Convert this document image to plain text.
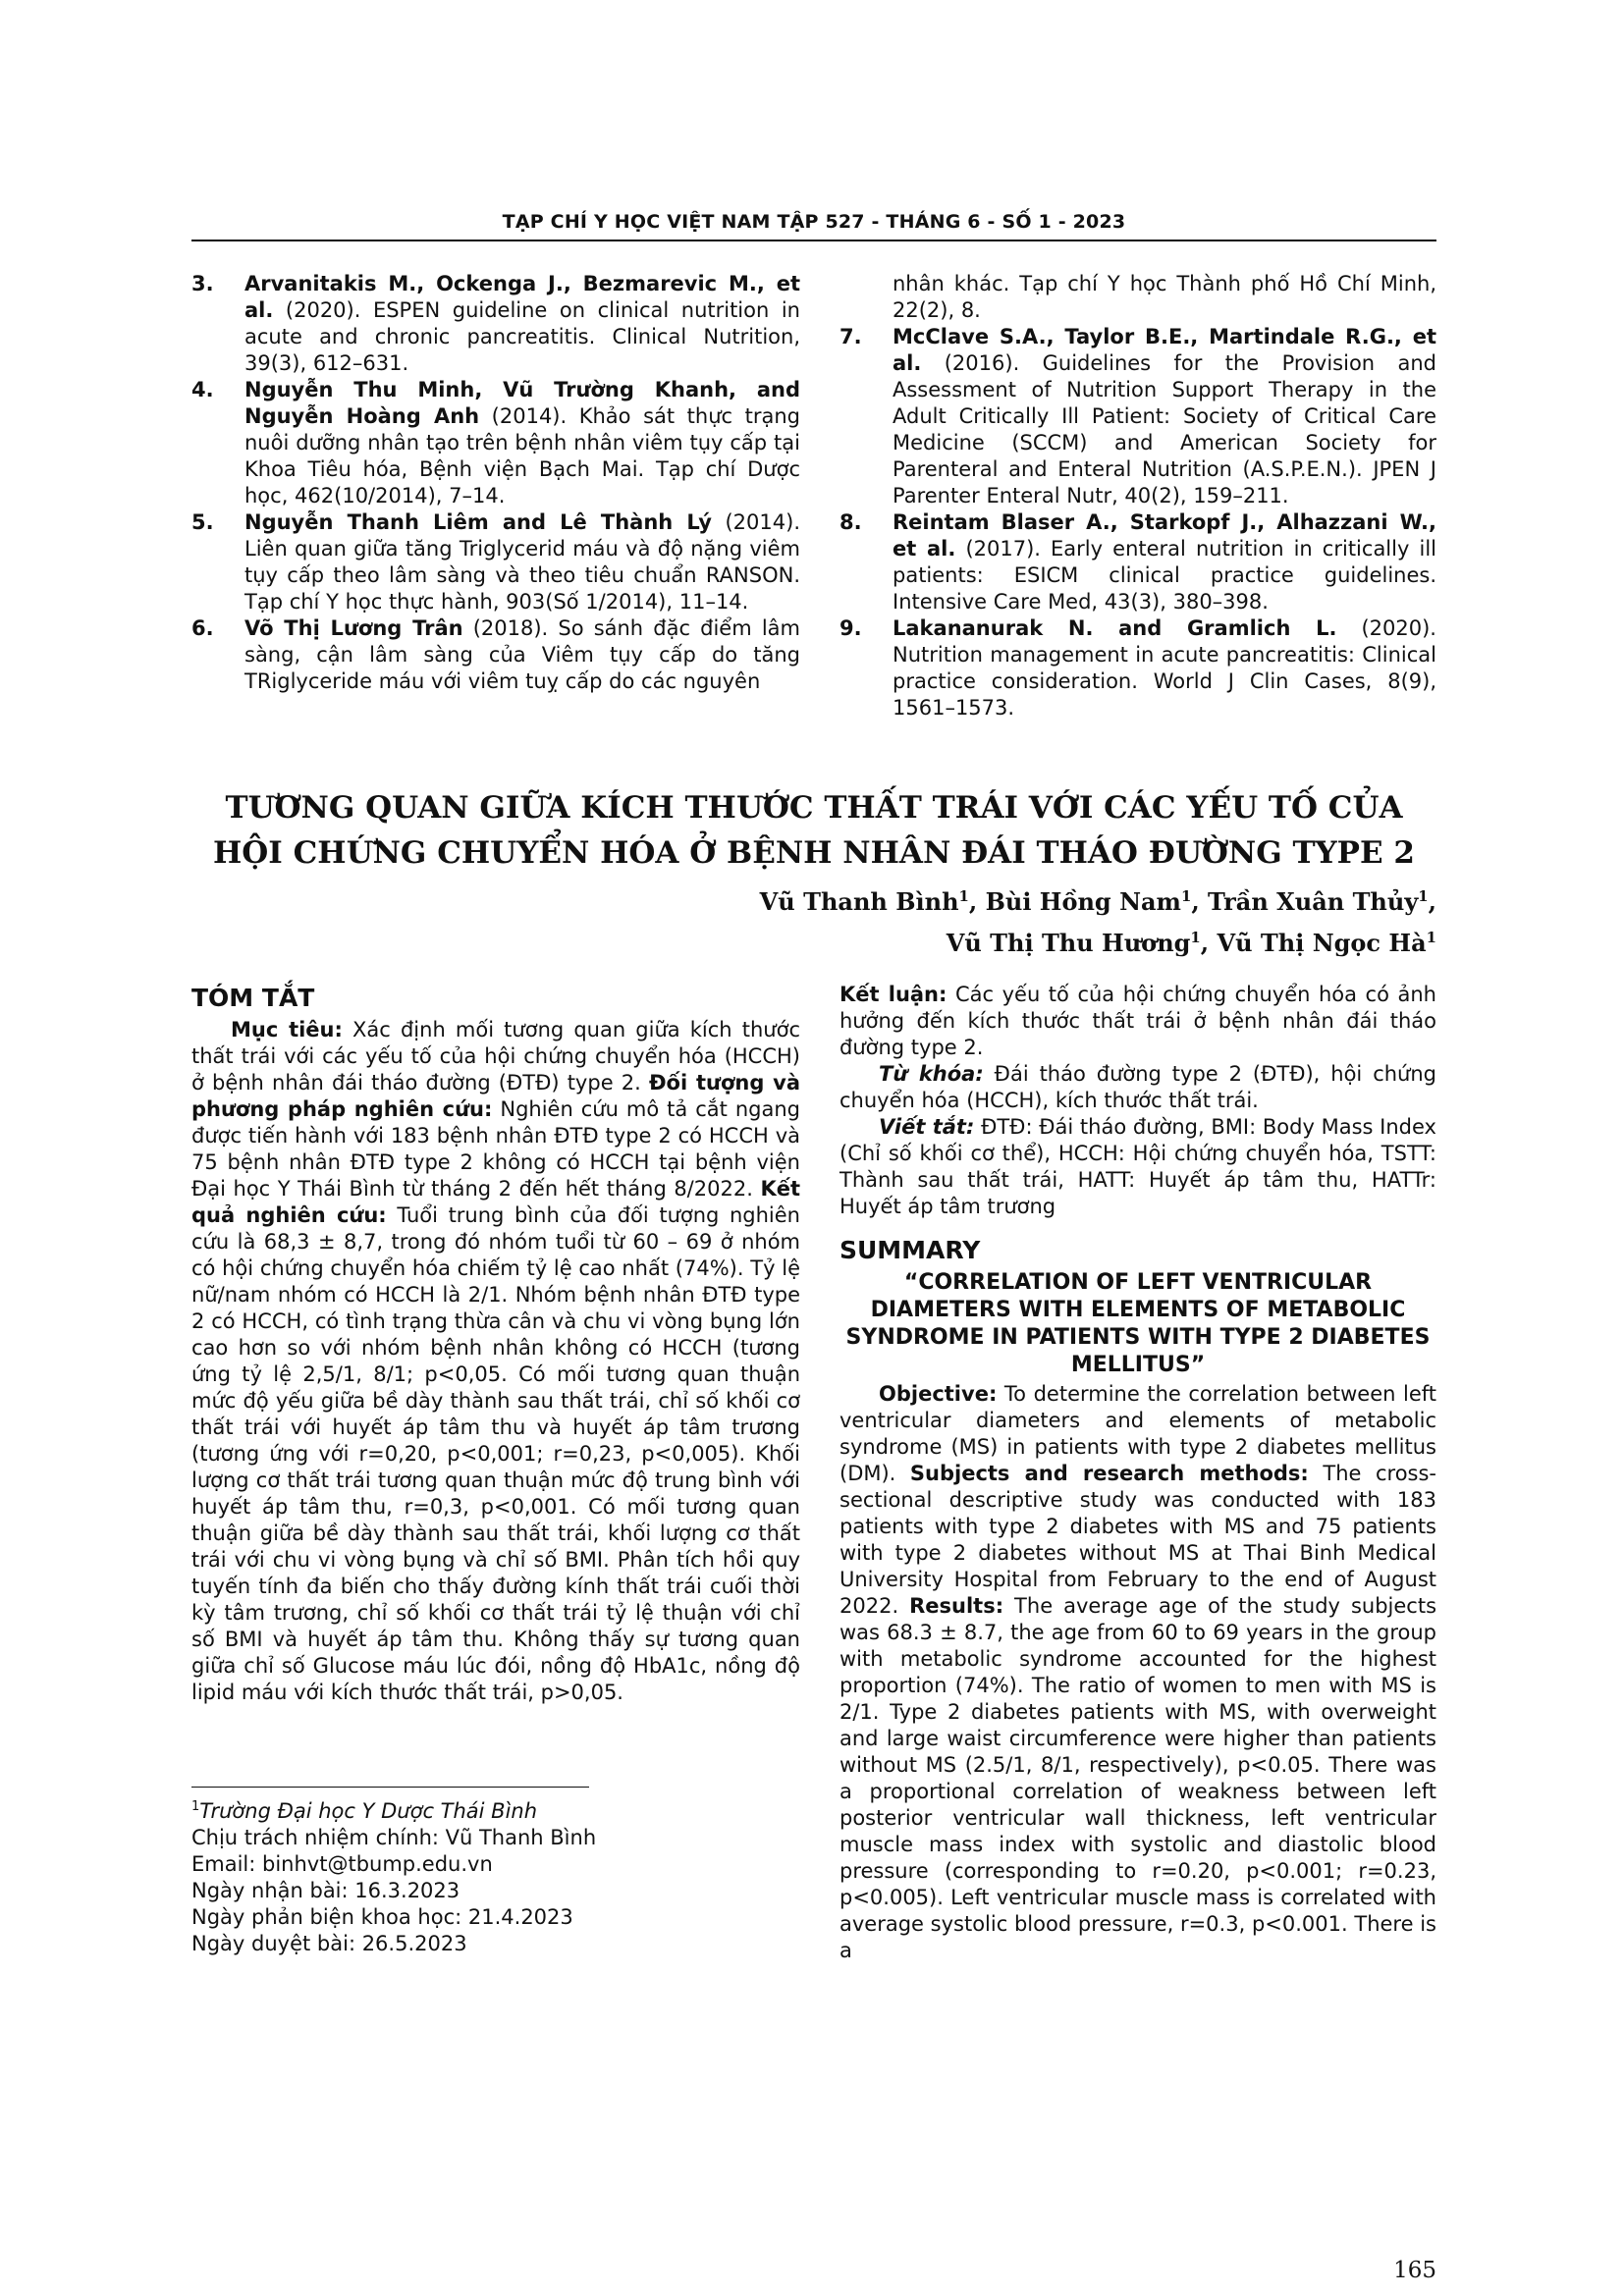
TẠP CHÍ Y HỌC VIỆT NAM TẬP 527 - THÁNG 6 - SỐ 1 - 2023
3.	Arvanitakis M., Ockenga J., Bezmarevic M., et al. (2020). ESPEN guideline on clinical nutrition in acute and chronic pancreatitis. Clinical Nutrition, 39(3), 612–631.
4.	Nguyễn Thu Minh, Vũ Trường Khanh, and Nguyễn Hoàng Anh (2014). Khảo sát thực trạng nuôi dưỡng nhân tạo trên bệnh nhân viêm tụy cấp tại Khoa Tiêu hóa, Bệnh viện Bạch Mai. Tạp chí Dược học, 462(10/2014), 7–14.
5.	Nguyễn Thanh Liêm and Lê Thành Lý (2014). Liên quan giữa tăng Triglycerid máu và độ nặng viêm tụy cấp theo lâm sàng và theo tiêu chuẩn RANSON. Tạp chí Y học thực hành, 903(Số 1/2014), 11–14.
6.	Võ Thị Lương Trân (2018). So sánh đặc điểm lâm sàng, cận lâm sàng của Viêm tụy cấp do tăng TRiglyceride máu với viêm tuỵ cấp do các nguyên
nhân khác. Tạp chí Y học Thành phố Hồ Chí Minh, 22(2), 8.
7.	McClave S.A., Taylor B.E., Martindale R.G., et al. (2016). Guidelines for the Provision and Assessment of Nutrition Support Therapy in the Adult Critically Ill Patient: Society of Critical Care Medicine (SCCM) and American Society for Parenteral and Enteral Nutrition (A.S.P.E.N.). JPEN J Parenter Enteral Nutr, 40(2), 159–211.
8.	Reintam Blaser A., Starkopf J., Alhazzani W., et al. (2017). Early enteral nutrition in critically ill patients: ESICM clinical practice guidelines. Intensive Care Med, 43(3), 380–398.
9.	Lakananurak N. and Gramlich L. (2020). Nutrition management in acute pancreatitis: Clinical practice consideration. World J Clin Cases, 8(9), 1561–1573.
TƯƠNG QUAN GIỮA KÍCH THƯỚC THẤT TRÁI VỚI CÁC YẾU TỐ CỦA
HỘI CHỨNG CHUYỂN HÓA Ở BỆNH NHÂN ĐÁI THÁO ĐƯỜNG TYPE 2
Vũ Thanh Bình$^1$, Bùi Hồng Nam$^1$, Trần Xuân Thủy$^1$,
Vũ Thị Thu Hương$^1$, Vũ Thị Ngọc $Hà^1$
TÓM TẮT

Mục tiêu: Xác định mối tương quan giữa kích thước thất trái với các yếu tố của hội chứng chuyển hóa (HCCH) ở bệnh nhân đái tháo đường (ĐTĐ) type 2. Đối tượng và phương pháp nghiên cứu: Nghiên cứu mô tả cắt ngang được tiến hành với 183 bệnh nhân ĐTĐ type 2 có HCCH và 75 bệnh nhân ĐTĐ type 2 không có HCCH tại bệnh viện Đại học Y Thái Bình từ tháng 2 đến hết tháng 8/2022. Kết quả nghiên cứu: Tuổi trung bình của đối tượng nghiên cứu là 68,3 ± 8,7, trong đó nhóm tuổi từ 60 – 69 ở nhóm có hội chứng chuyển hóa chiếm tỷ lệ cao nhất (74%). Tỷ lệ nữ/nam nhóm có HCCH là 2/1. Nhóm bệnh nhân ĐTĐ type 2 có HCCH, có tình trạng thừa cân và chu vi vòng bụng lớn cao hơn so với nhóm bệnh nhân không có HCCH (tương ứng tỷ lệ 2,5/1, 8/1; p<0,05. Có mối tương quan thuận mức độ yếu giữa bề dày thành sau thất trái, chỉ số khối cơ thất trái với huyết áp tâm thu và huyết áp tâm trương (tương ứng với r=0,20, p<0,001; r=0,23, p<0,005). Khối lượng cơ thất trái tương quan thuận mức độ trung bình với huyết áp tâm thu, r=0,3, p<0,001. Có mối tương quan thuận giữa bề dày thành sau thất trái, khối lượng cơ thất trái với chu vi vòng bụng và chỉ số BMI. Phân tích hồi quy tuyến tính đa biến cho thấy đường kính thất trái cuối thời kỳ tâm trương, chỉ số khối cơ thất trái tỷ lệ thuận với chỉ số BMI và huyết áp tâm thu. Không thấy sự tương quan giữa chỉ số Glucose máu lúc đói, nồng độ HbA1c, nồng độ lipid máu với kích thước thất trái, p>0,05.

Kết luận: Các yếu tố của hội chứng chuyển hóa có ảnh hưởng đến kích thước thất trái ở bệnh nhân đái tháo đường type 2.

Từ khóa: Đái tháo đường type 2 (ĐTĐ), hội chứng chuyển hóa (HCCH), kích thước thất trái.

Viết tắt: ĐTĐ: Đái tháo đường, BMI: Body Mass Index (Chỉ số khối cơ thể), HCCH: Hội chứng chuyển hóa, TSTT: Thành sau thất trái, HATT: Huyết áp tâm thu, HATTr: Huyết áp tâm trương

SUMMARY
“CORRELATION OF LEFT VENTRICULAR DIAMETERS WITH ELEMENTS OF METABOLIC SYNDROME IN PATIENTS WITH TYPE 2 DIABETES MELLITUS”

Objective: To determine the correlation between left ventricular diameters and elements of metabolic syndrome (MS) in patients with type 2 diabetes mellitus (DM). Subjects and research methods: The cross-sectional descriptive study was conducted with 183 patients with type 2 diabetes with MS and 75 patients with type 2 diabetes without MS at Thai Binh Medical University Hospital from February to the end of August 2022. Results: The average age of the study subjects was 68.3 ± 8.7, the age from 60 to 69 years in the group with metabolic syndrome accounted for the highest proportion (74%). The ratio of women to men with MS is 2/1. Type 2 diabetes patients with MS, with overweight and large waist circumference were higher than patients without MS (2.5/1, 8/1, respectively), p<0.05. There was a proportional correlation of weakness between left posterior ventricular wall thickness, left ventricular muscle mass index with systolic and diastolic blood pressure (corresponding to r=0.20, p<0.001; r=0.23, p<0.005). Left ventricular muscle mass is correlated with average systolic blood pressure, r=0.3, p<0.001. There is a

$^1$Trường Đại học Y Dược Thái Bình
Chịu trách nhiệm chính: Vũ Thanh Bình
Email: binhvt@tbump.edu.vn
Ngày nhận bài: 16.3.2023
Ngày phản biện khoa học: 21.4.2023
Ngày duyệt bài: 26.5.2023
165
